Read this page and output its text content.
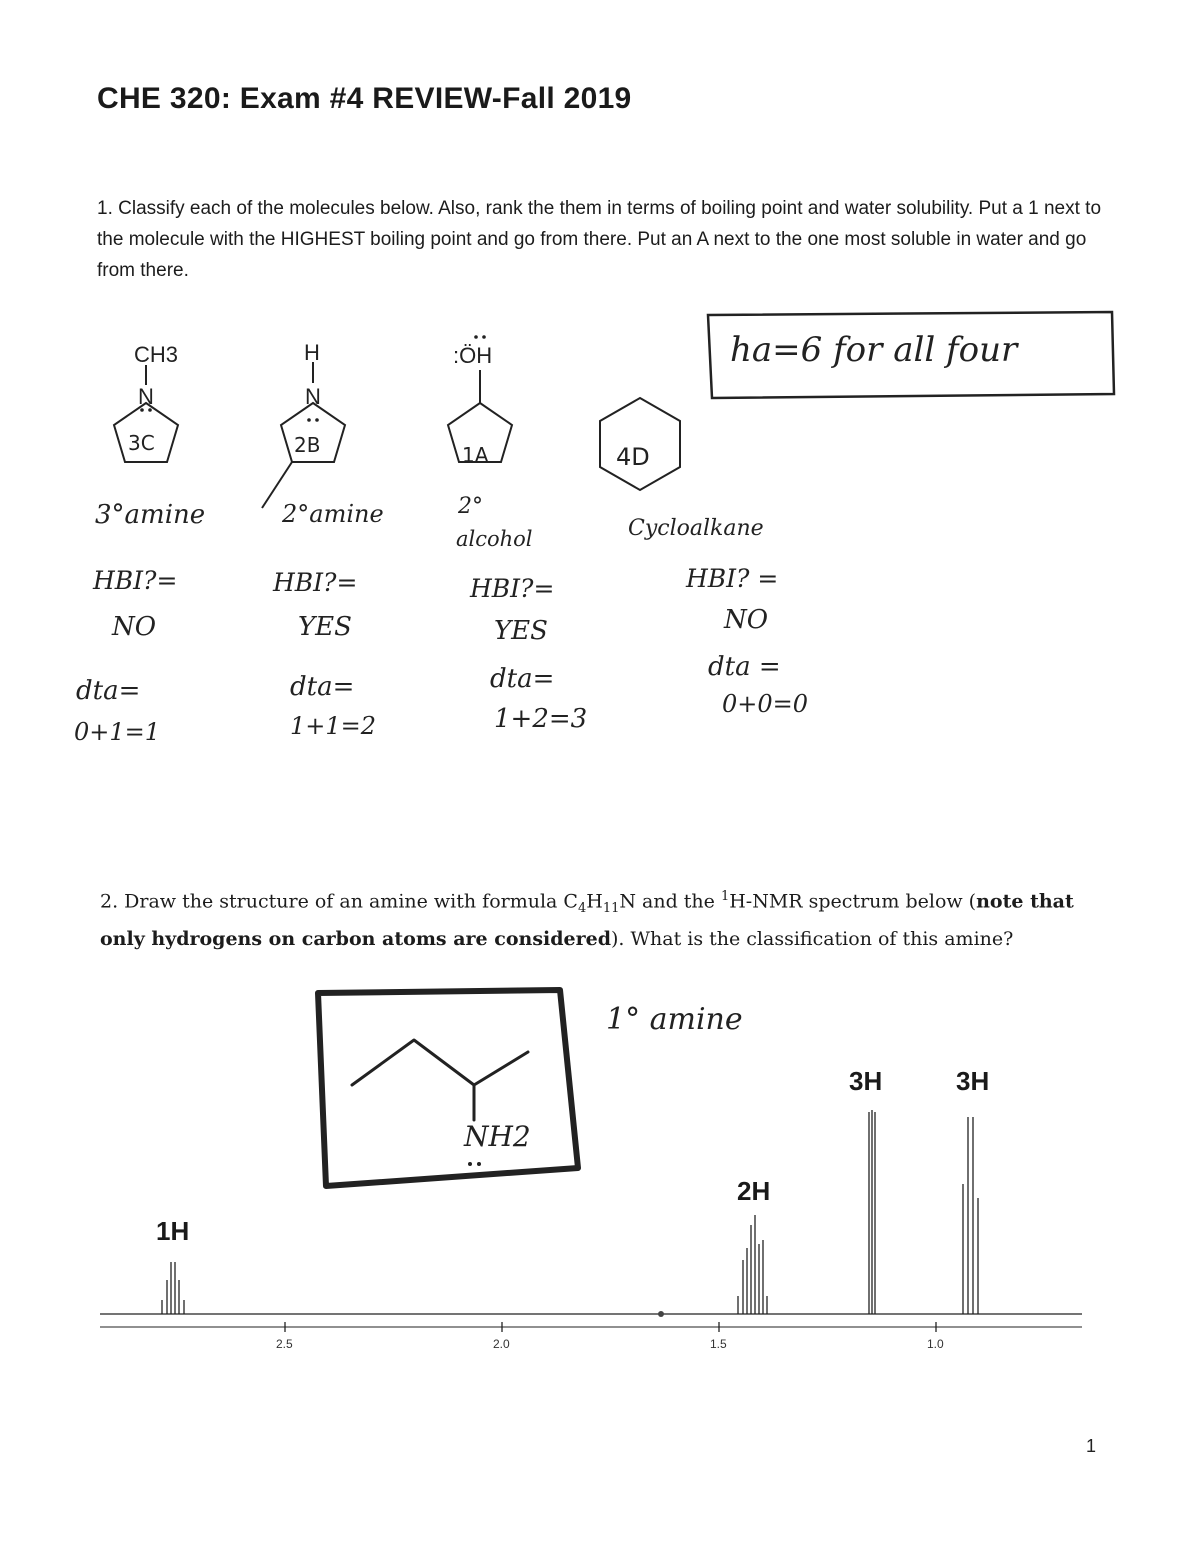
CHE 320: Exam #4 REVIEW-Fall 2019
1. Classify each of the molecules below. Also, rank the them in terms of boiling point and water solubility. Put a 1 next to the molecule with the HIGHEST boiling point and go from there. Put an A next to the one most soluble in water and go from there.
CH3
N
H
N
:ÖH
3C	2B	1A	4D
ha=6 for all four
3°amine	2°amine	2°
alcohol	Cycloalkane
HBI?=
NO
HBI?=
YES
HBI?=
YES
HBI? =
NO
dta=
0+1=1
dta=
1+1=2
dta=
1+2=3
dta =
0+0=0
2. Draw the structure of an amine with formula $C_4H_{11}N$ and the $^1$H-NMR spectrum below (note that only hydrogens on carbon atoms are considered). What is the classification of this amine?
NH2
1° amine
1H
2H
3H	3H
2.5	2.0	1.5	1.0
1
